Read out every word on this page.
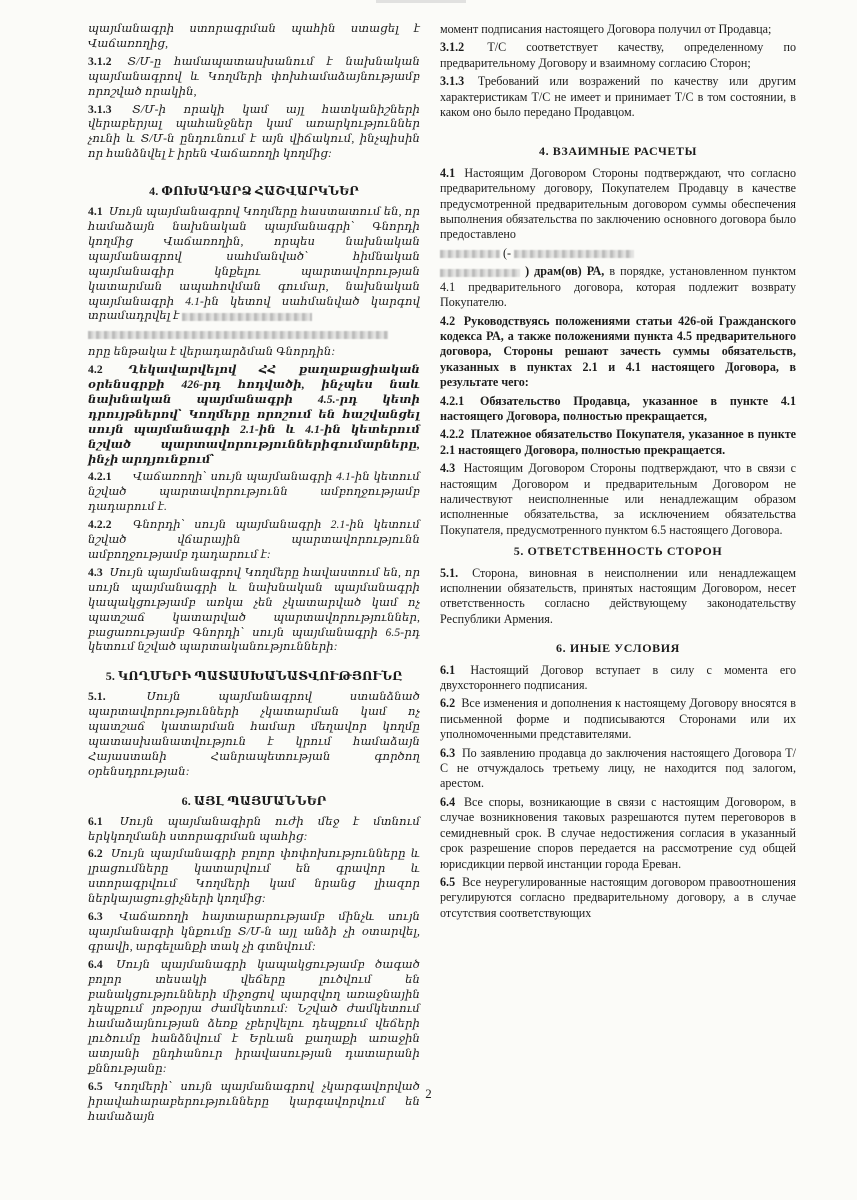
պայմանագրի ստորագրման պահին ստացել է Վաճառողից,

3.1.2 Տ/Մ-ը համապատասխանում է նախնական պայմանագրով և Կողմերի փոխհամաձայնությամբ որոշված որակին,

3.1.3 Տ/Մ-ի որակի կամ այլ հատկանիշների վերաբերյալ պահանջներ կամ առարկություններ չունի և Տ/Մ-ն ընդունում է այն վիճակում, ինչպիսին որ հանձնվել է իրեն Վաճառողի կողմից:

4. ՓՈԽԱԴԱՐՁ ՀԱՇՎԱՐԿՆԵՐ

4.1 Սույն պայմանագրով Կողմերը հաստատում են, որ համաձայն նախնական պայմանագրի՝ Գնորդի կողմից Վաճառողին, որպես նախնական պայմանագրով սահմանված՝ հիմնական պայմանագիր կնքելու պարտավորության կատարման ապահովման գումար, նախնական պայմանագրի 4.1-ին կետով սահմանված կարգով տրամադրվել է

որը ենթակա է վերադարձման Գնորդին:

4.2 Ղեկավարվելով ՀՀ քաղաքացիական օրենսգրքի 426-րդ հոդվածի, ինչպես նաև նախնական պայմանագրի 4.5.-րդ կետի դրույթներով՝ Կողմերը որոշում են հաշվանցել սույն պայմանագրի 2.1-ին և 4.1-ին կետերում նշված պարտավորություններիգումարները, ինչի արդյունքում՝

4.2.1 Վաճառողի՝ սույն պայմանագրի 4.1-ին կետում նշված պարտավորությունն ամբողջությամբ դադարում է.

4.2.2 Գնորդի՝ սույն պայմանագրի 2.1-ին կետում նշված վճարային պարտավորությունն ամբողջությամբ դադարում է:

4.3 Սույն պայմանագրով Կողմերը հավաստում են, որ սույն պայմանագրի և նախնական պայմանագրի կապակցությամբ առկա չեն չկատարված կամ ոչ պատշաճ կատարված պարտավորություններ, բացառությամբ Գնորդի՝ սույն պայմանագրի 6.5-րդ կետում նշված պարտականությունների:

5. ԿՈՂՄԵՐԻ ՊԱՏԱՍԽԱՆԱՏՎՈՒԹՅՈՒՆԸ

5.1.	Սույն պայմանագրով ստանձնած պարտավորությունների չկատարման կամ ոչ պատշաճ կատարման համար մեղավոր կողմը պատասխանատվություն է կրում համաձայն Հայաստանի Հանրապետության գործող օրենսդրության:

6. ԱՅԼ ՊԱՅՄԱՆՆԵՐ

6.1 Սույն պայմանագիրն ուժի մեջ է մտնում երկկողմանի ստորագրման պահից:

6.2 Սույն պայմանագրի բոլոր փոփոխությունները և լրացումները կատարվում են գրավոր և ստորագրվում Կողմերի կամ նրանց լիազոր ներկայացուցիչների կողմից:

6.3 Վաճառողի հայտարարությամբ մինչև սույն պայմանագրի կնքումը Տ/Մ-ն այլ անձի չի օտարվել, գրավի, արգելանքի տակ չի գտնվում:

6.4 Սույն պայմանագրի կապակցությամբ ծագած բոլոր տեսակի վեճերը լուծվում են բանակցությունների միջոցով պարզվող առաջնային դեպքում յոթօրյա ժամկետում: Նշված ժամկետում համաձայնության ձեռք չբերվելու դեպքում վեճերի լուծումը հանձնվում է Երևան քաղաքի առաջին ատյանի ընդհանուր իրավասության դատարանի քննությանը:

6.5 Կողմերի՝ սույն պայմանագրով չկարգավորված իրավահարաբերությունները կարգավորվում են համաձայն

момент подписания настоящего Договора получил от Продавца;

3.1.2 Т/С соответствует качеству, определенному по предварительному Договору и взаимному согласию Сторон;

3.1.3 Требований или возражений по качеству или другим характеристикам Т/С не имеет и принимает Т/С в том состоянии, в каком оно было передано Продавцом.

4. ВЗАИМНЫЕ РАСЧЕТЫ

4.1 Настоящим Договором Стороны подтверждают, что согласно предварительному договору, Покупателем Продавцу в качестве предусмотренной предварительным договором суммы обеспечения выполнения обязательства по заключению основного договора было предоставлено

(-

) драм(ов) РА, в порядке, установленном пунктом 4.1 предварительного договора, которая подлежит возврату Покупателю.

4.2 Руководствуясь положениями статьи 426-ой Гражданского кодекса РА, а также положениями пункта 4.5 предварительного договора, Стороны решают зачесть суммы обязательств, указанных в пунктах 2.1 и 4.1 настоящего Договора, в результате чего:

4.2.1 Обязательство Продавца, указанное в пункте 4.1 настоящего Договора, полностью прекращается,

4.2.2 Платежное обязательство Покупателя, указанное в пункте 2.1 настоящего Договора, полностью прекращается.

4.3 Настоящим Договором Стороны подтверждают, что в связи с настоящим Договором и предварительным Договором не наличествуют неисполненные или ненадлежащим образом исполненные обязательства, за исключением обязательства Покупателя, предусмотренного пунктом 6.5 настоящего Договора.

5. ОТВЕТСТВЕННОСТЬ СТОРОН

5.1. Сторона, виновная в неисполнении или ненадлежащем исполнении обязательств, принятых настоящим Договором, несет ответственность согласно действующему законодательству Республики Армения.

6. ИНЫЕ УСЛОВИЯ

6.1 Настоящий Договор вступает в силу с момента его двухстороннего подписания.

6.2 Все изменения и дополнения к настоящему Договору вносятся в письменной форме и подписываются Сторонами или их уполномоченными представителями.

6.3 По заявлению продавца до заключения настоящего Договора Т/С не отчуждалось третьему лицу, не находится под залогом, арестом.

6.4 Все споры, возникающие в связи с настоящим Договором, в случае возникновения таковых разрешаются путем переговоров в семидневный срок. В случае недостижения согласия в указанный срок разрешение споров передается на рассмотрение суд общей юрисдикции первой инстанции города Ереван.

6.5 Все неурегулированные настоящим договором правоотношения регулируются согласно предварительному договору, а в случае отсутствия соответствующих

2
